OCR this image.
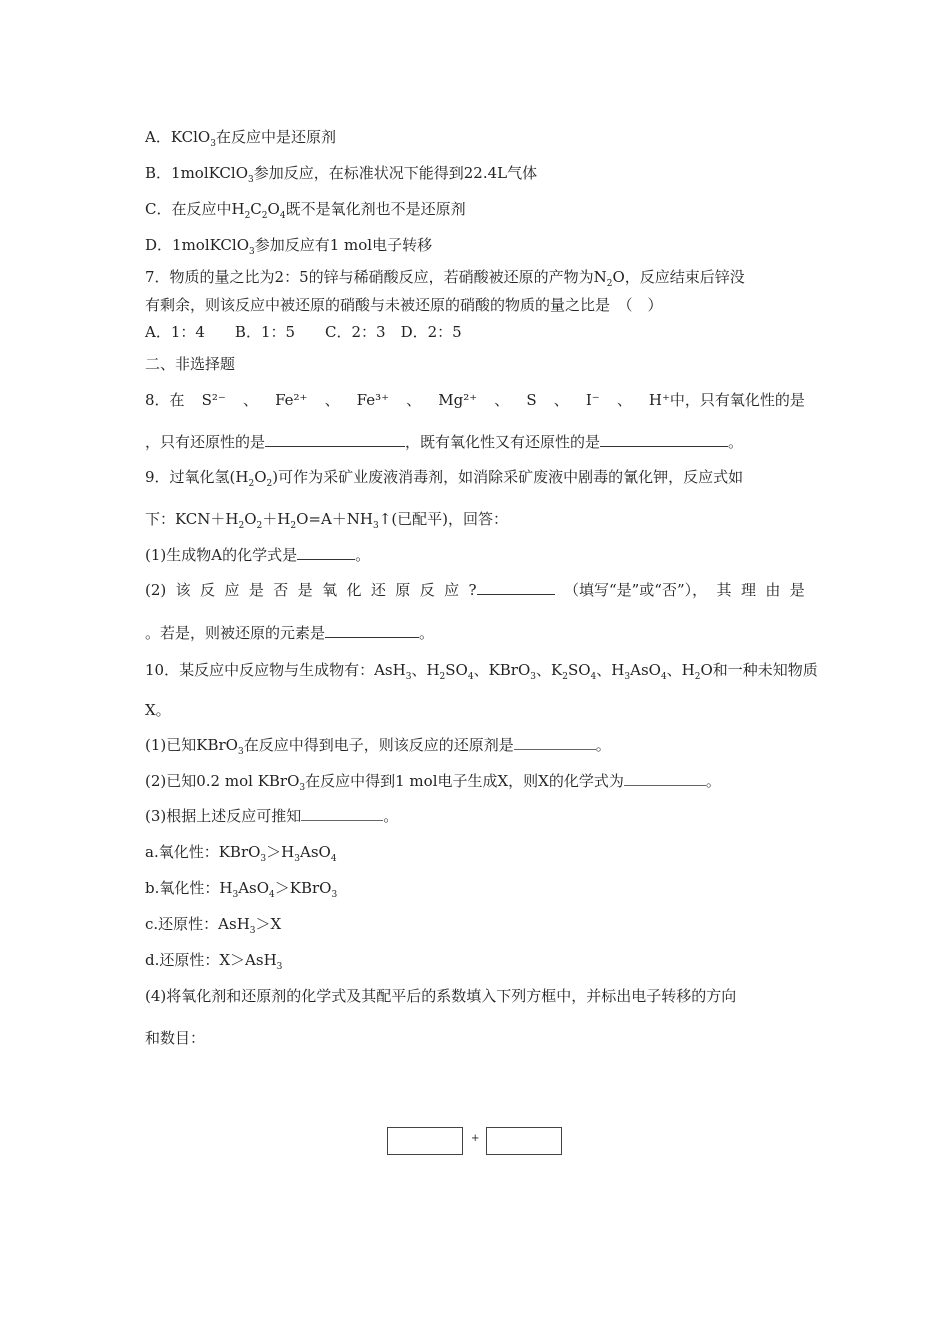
A．KClO$_3$在反应中是还原剂
B．1molKClO$_3$参加反应，在标准状况下能得到22.4L气体
C．在反应中$H_2C_2O_4$既不是氧化剂也不是还原剂
D．1molKClO$_3$参加反应有1 mol电子转移
7．物质的量之比为2：5的锌与稀硝酸反应，若硝酸被还原的产物为$N_2O$，反应结束后锌没
有剩余，则该反应中被还原的硝酸与未被还原的硝酸的物质的量之比是　（　）
A．1：4　　B．1：5　　C．2：3　D．2：5
二、非选择题
8．在 S²⁻ 、 Fe²⁺ 、 Fe³⁺ 、 Mg²⁺ 、 S 、 I⁻ 、 H⁺中，只有氧化性的是
，只有还原性的是	，既有氧化性又有还原性的是	。
9．过氧化氢$(H_2O_2)$可作为采矿业废液消毒剂，如消除采矿废液中剧毒的氰化钾，反应式如
下：$KCN+H_2O_2+H_2O=A+NH_3↑$(已配平)，回答：
(1)生成物A的化学式是	。
(2) 该 反 应 是 否 是 氧 化 还 原 反 应 ?	（填写“是”或“否”）， 其 理 由 是
。若是，则被还原的元素是	。
10．某反应中反应物与生成物有：AsH$_3$、$H_2SO_4$、KBrO$_3$、$K_2SO_4$、$H_3AsO_4$、$H_2O$和一种未知物质
X。
(1)已知KBrO$_3$在反应中得到电子，则该反应的还原剂是	。
(2)已知0.2 mol KBrO$_3$在反应中得到1 mol电子生成X，则X的化学式为	。
(3)根据上述反应可推知	。
a.氧化性：$KBrO_3>H_3AsO_4$
b.氧化性：$H_3AsO_4>KBrO_3$
c.还原性：AsH$_3$＞X
d.还原性：X＞AsH$_3$
(4)将氧化剂和还原剂的化学式及其配平后的系数填入下列方框中，并标出电子转移的方向
和数目：
+
